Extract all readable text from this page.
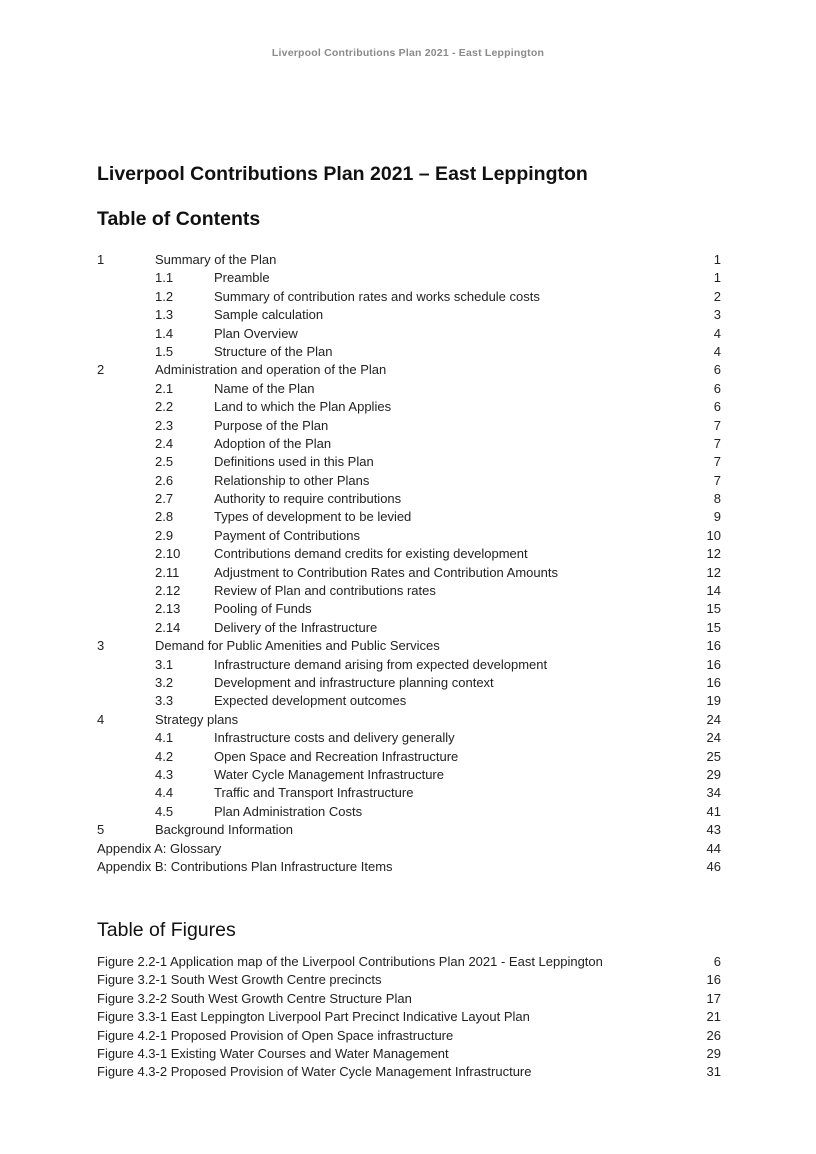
Liverpool Contributions Plan 2021 - East Leppington
Liverpool Contributions Plan 2021 – East Leppington
Table of Contents
1	Summary of the Plan	1
1.1	Preamble	1
1.2	Summary of contribution rates and works schedule costs	2
1.3	Sample calculation	3
1.4	Plan Overview	4
1.5	Structure of the Plan	4
2	Administration and operation of the Plan	6
2.1	Name of the Plan	6
2.2	Land to which the Plan Applies	6
2.3	Purpose of the Plan	7
2.4	Adoption of the Plan	7
2.5	Definitions used in this Plan	7
2.6	Relationship to other Plans	7
2.7	Authority to require contributions	8
2.8	Types of development to be levied	9
2.9	Payment of Contributions	10
2.10	Contributions demand credits for existing development	12
2.11	Adjustment to Contribution Rates and Contribution Amounts	12
2.12	Review of Plan and contributions rates	14
2.13	Pooling of Funds	15
2.14	Delivery of the Infrastructure	15
3	Demand for Public Amenities and Public Services	16
3.1	Infrastructure demand arising from expected development	16
3.2	Development and infrastructure planning context	16
3.3	Expected development outcomes	19
4	Strategy plans	24
4.1	Infrastructure costs and delivery generally	24
4.2	Open Space and Recreation Infrastructure	25
4.3	Water Cycle Management Infrastructure	29
4.4	Traffic and Transport Infrastructure	34
4.5	Plan Administration Costs	41
5	Background Information	43
Appendix A: Glossary	44
Appendix B: Contributions Plan Infrastructure Items	46
Table of Figures
Figure 2.2-1 Application map of the Liverpool Contributions Plan 2021 - East Leppington	6
Figure 3.2-1 South West Growth Centre precincts	16
Figure 3.2-2 South West Growth Centre Structure Plan	17
Figure 3.3-1 East Leppington Liverpool Part Precinct Indicative Layout Plan	21
Figure 4.2-1 Proposed Provision of Open Space infrastructure	26
Figure 4.3-1 Existing Water Courses and Water Management	29
Figure 4.3-2 Proposed Provision of Water Cycle Management Infrastructure	31
